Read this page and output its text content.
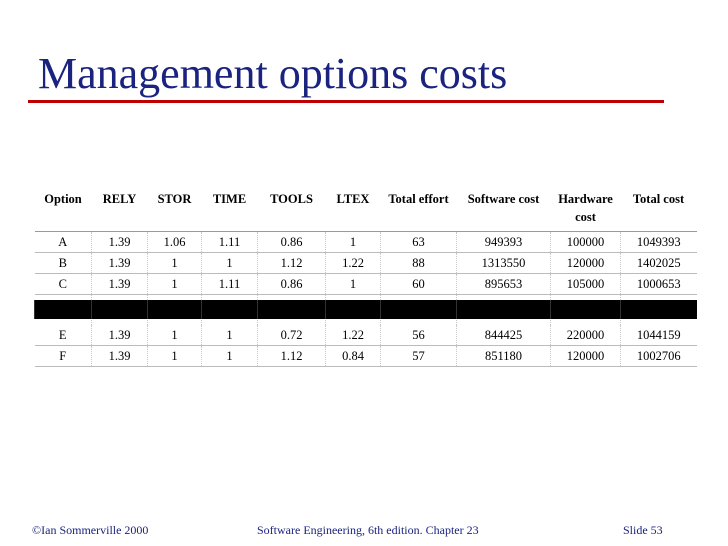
Management options costs
Option	RELY	STOR	TIME	TOOLS	LTEX	Total effort	Software cost	Hardware cost	Total cost
A	1.39	1.06	1.11	0.86	1	63	949393	100000	1049393
B	1.39	1	1	1.12	1.22	88	1313550	120000	1402025
C	1.39	1	1.11	0.86	1	60	895653	105000	1000653

E	1.39	1	1	0.72	1.22	56	844425	220000	1044159
F	1.39	1	1	1.12	0.84	57	851180	120000	1002706
©Ian Sommerville 2000	Software Engineering, 6th edition. Chapter 23	Slide 53
